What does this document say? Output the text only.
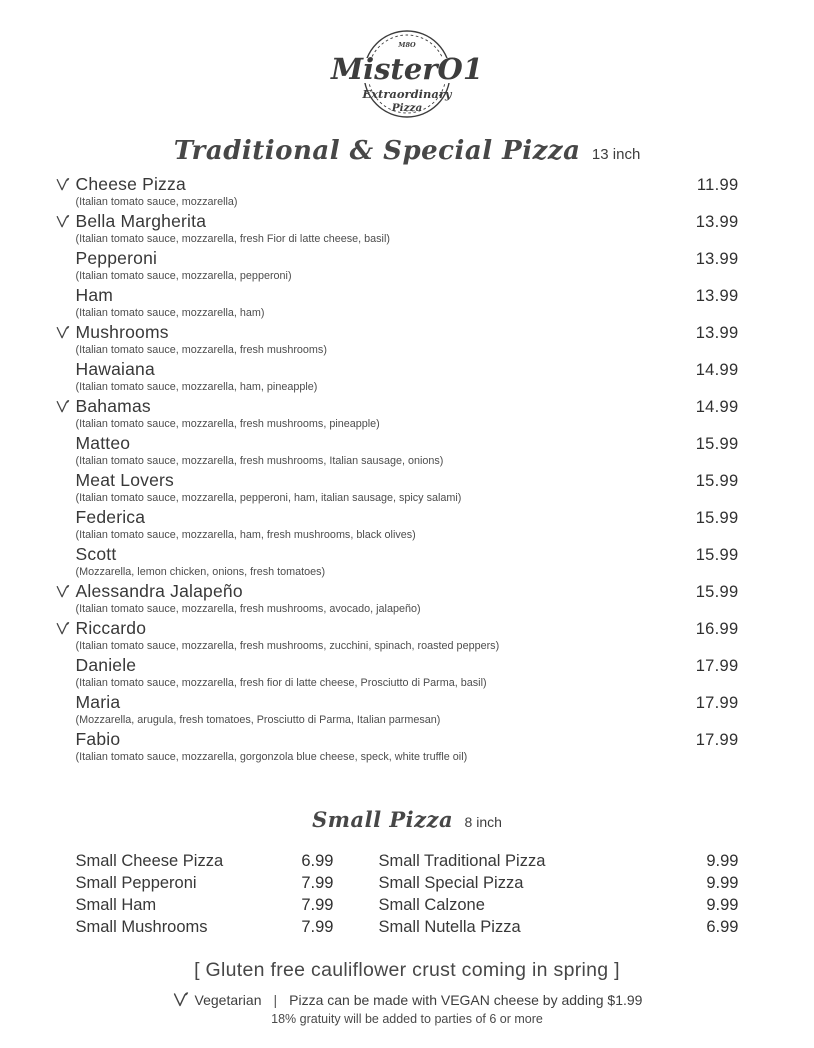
M8O
MisterO1
Extraordinary
Pizza
Traditional & Special Pizza 13 inch
Cheese Pizza	11.99
(Italian tomato sauce, mozzarella)
Bella Margherita	13.99
(Italian tomato sauce, mozzarella, fresh Fior di latte cheese, basil)
Pepperoni	13.99
(Italian tomato sauce, mozzarella, pepperoni)
Ham	13.99
(Italian tomato sauce, mozzarella, ham)
Mushrooms	13.99
(Italian tomato sauce, mozzarella, fresh mushrooms)
Hawaiana	14.99
(Italian tomato sauce, mozzarella, ham, pineapple)
Bahamas	14.99
(Italian tomato sauce, mozzarella, fresh mushrooms, pineapple)
Matteo	15.99
(Italian tomato sauce, mozzarella, fresh mushrooms, Italian sausage, onions)
Meat Lovers	15.99
(Italian tomato sauce, mozzarella, pepperoni, ham, italian sausage, spicy salami)
Federica	15.99
(Italian tomato sauce, mozzarella, ham, fresh mushrooms, black olives)
Scott	15.99
(Mozzarella, lemon chicken, onions, fresh tomatoes)
Alessandra Jalapeño	15.99
(Italian tomato sauce, mozzarella, fresh mushrooms, avocado, jalapeño)
Riccardo	16.99
(Italian tomato sauce, mozzarella, fresh mushrooms, zucchini, spinach, roasted peppers)
Daniele	17.99
(Italian tomato sauce, mozzarella, fresh fior di latte cheese, Prosciutto di Parma, basil)
Maria	17.99
(Mozzarella, arugula, fresh tomatoes, Prosciutto di Parma, Italian parmesan)
Fabio	17.99
(Italian tomato sauce, mozzarella, gorgonzola blue cheese, speck, white truffle oil)
Small Pizza 8 inch
Small Cheese Pizza	6.99
Small Pepperoni	7.99
Small Ham	7.99
Small Mushrooms	7.99
Small Traditional Pizza	9.99
Small Special Pizza	9.99
Small Calzone	9.99
Small Nutella Pizza	6.99
[ Gluten free cauliflower crust coming in spring ]
Vegetarian | Pizza can be made with VEGAN cheese by adding $1.99
18% gratuity will be added to parties of 6 or more
